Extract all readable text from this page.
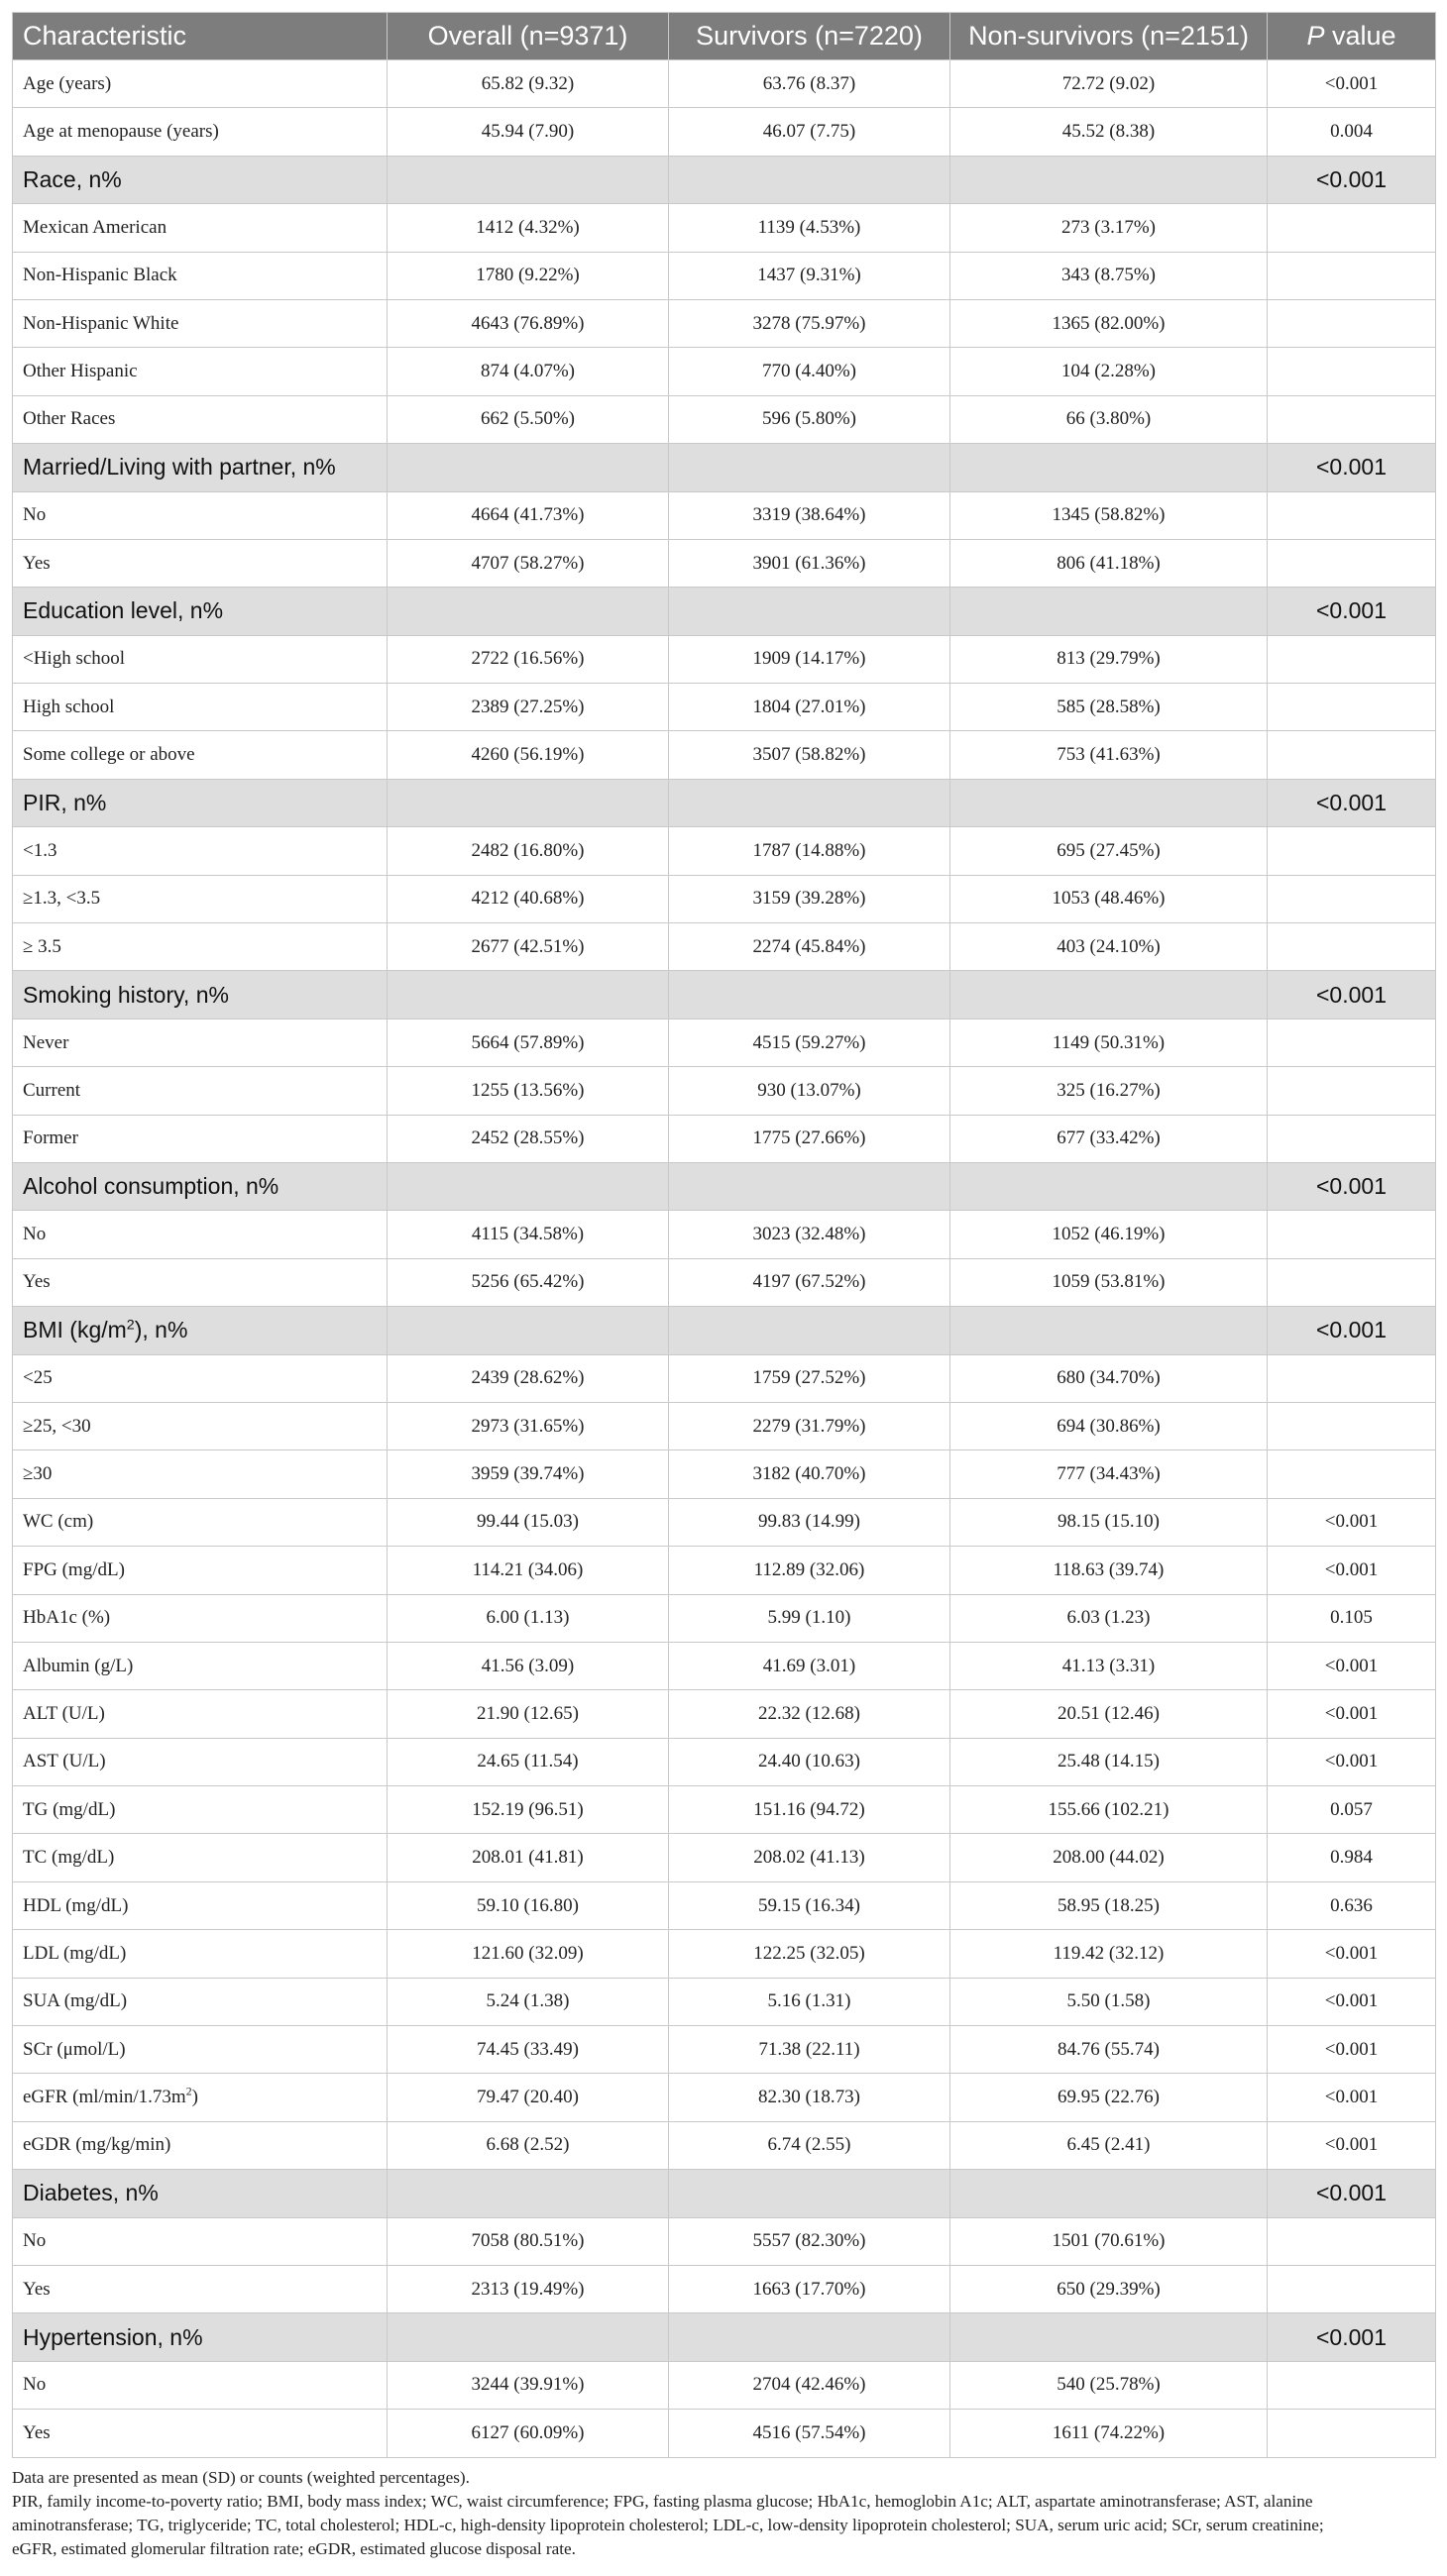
Characteristic	Overall (n=9371)	Survivors (n=7220)	Non-survivors (n=2151)	P value
Age (years)	65.82 (9.32)	63.76 (8.37)	72.72 (9.02)	<0.001
Age at menopause (years)	45.94 (7.90)	46.07 (7.75)	45.52 (8.38)	0.004
Race, n%				<0.001
Mexican American	1412 (4.32%)	1139 (4.53%)	273 (3.17%)	
Non-Hispanic Black	1780 (9.22%)	1437 (9.31%)	343 (8.75%)	
Non-Hispanic White	4643 (76.89%)	3278 (75.97%)	1365 (82.00%)	
Other Hispanic	874 (4.07%)	770 (4.40%)	104 (2.28%)	
Other Races	662 (5.50%)	596 (5.80%)	66 (3.80%)	
Married/Living with partner, n%				<0.001
No	4664 (41.73%)	3319 (38.64%)	1345 (58.82%)	
Yes	4707 (58.27%)	3901 (61.36%)	806 (41.18%)	
Education level, n%				<0.001
<High school	2722 (16.56%)	1909 (14.17%)	813 (29.79%)	
High school	2389 (27.25%)	1804 (27.01%)	585 (28.58%)	
Some college or above	4260 (56.19%)	3507 (58.82%)	753 (41.63%)	
PIR, n%				<0.001
<1.3	2482 (16.80%)	1787 (14.88%)	695 (27.45%)	
≥1.3, <3.5	4212 (40.68%)	3159 (39.28%)	1053 (48.46%)	
≥ 3.5	2677 (42.51%)	2274 (45.84%)	403 (24.10%)	
Smoking history, n%				<0.001
Never	5664 (57.89%)	4515 (59.27%)	1149 (50.31%)	
Current	1255 (13.56%)	930 (13.07%)	325 (16.27%)	
Former	2452 (28.55%)	1775 (27.66%)	677 (33.42%)	
Alcohol consumption, n%				<0.001
No	4115 (34.58%)	3023 (32.48%)	1052 (46.19%)	
Yes	5256 (65.42%)	4197 (67.52%)	1059 (53.81%)	
BMI $(kg/m^2)$, n%				<0.001
<25	2439 (28.62%)	1759 (27.52%)	680 (34.70%)	
≥25, <30	2973 (31.65%)	2279 (31.79%)	694 (30.86%)	
≥30	3959 (39.74%)	3182 (40.70%)	777 (34.43%)	
WC (cm)	99.44 (15.03)	99.83 (14.99)	98.15 (15.10)	<0.001
FPG (mg/dL)	114.21 (34.06)	112.89 (32.06)	118.63 (39.74)	<0.001
HbA1c (%)	6.00 (1.13)	5.99 (1.10)	6.03 (1.23)	0.105
Albumin (g/L)	41.56 (3.09)	41.69 (3.01)	41.13 (3.31)	<0.001
ALT (U/L)	21.90 (12.65)	22.32 (12.68)	20.51 (12.46)	<0.001
AST (U/L)	24.65 (11.54)	24.40 (10.63)	25.48 (14.15)	<0.001
TG (mg/dL)	152.19 (96.51)	151.16 (94.72)	155.66 (102.21)	0.057
TC (mg/dL)	208.01 (41.81)	208.02 (41.13)	208.00 (44.02)	0.984
HDL (mg/dL)	59.10 (16.80)	59.15 (16.34)	58.95 (18.25)	0.636
LDL (mg/dL)	121.60 (32.09)	122.25 (32.05)	119.42 (32.12)	<0.001
SUA (mg/dL)	5.24 (1.38)	5.16 (1.31)	5.50 (1.58)	<0.001
SCr (μmol/L)	74.45 (33.49)	71.38 (22.11)	84.76 (55.74)	<0.001
eGFR $(ml/\min/1.73m^2)$	79.47 (20.40)	82.30 (18.73)	69.95 (22.76)	<0.001
eGDR (mg/kg/min)	6.68 (2.52)	6.74 (2.55)	6.45 (2.41)	<0.001
Diabetes, n%				<0.001
No	7058 (80.51%)	5557 (82.30%)	1501 (70.61%)	
Yes	2313 (19.49%)	1663 (17.70%)	650 (29.39%)	
Hypertension, n%				<0.001
No	3244 (39.91%)	2704 (42.46%)	540 (25.78%)	
Yes	6127 (60.09%)	4516 (57.54%)	1611 (74.22%)	
Data are presented as mean (SD) or counts (weighted percentages).
PIR, family income-to-poverty ratio; BMI, body mass index; WC, waist circumference; FPG, fasting plasma glucose; HbA1c, hemoglobin A1c; ALT, aspartate aminotransferase; AST, alanine
aminotransferase; TG, triglyceride; TC, total cholesterol; HDL-c, high-density lipoprotein cholesterol; LDL-c, low-density lipoprotein cholesterol; SUA, serum uric acid; SCr, serum creatinine;
eGFR, estimated glomerular filtration rate; eGDR, estimated glucose disposal rate.
